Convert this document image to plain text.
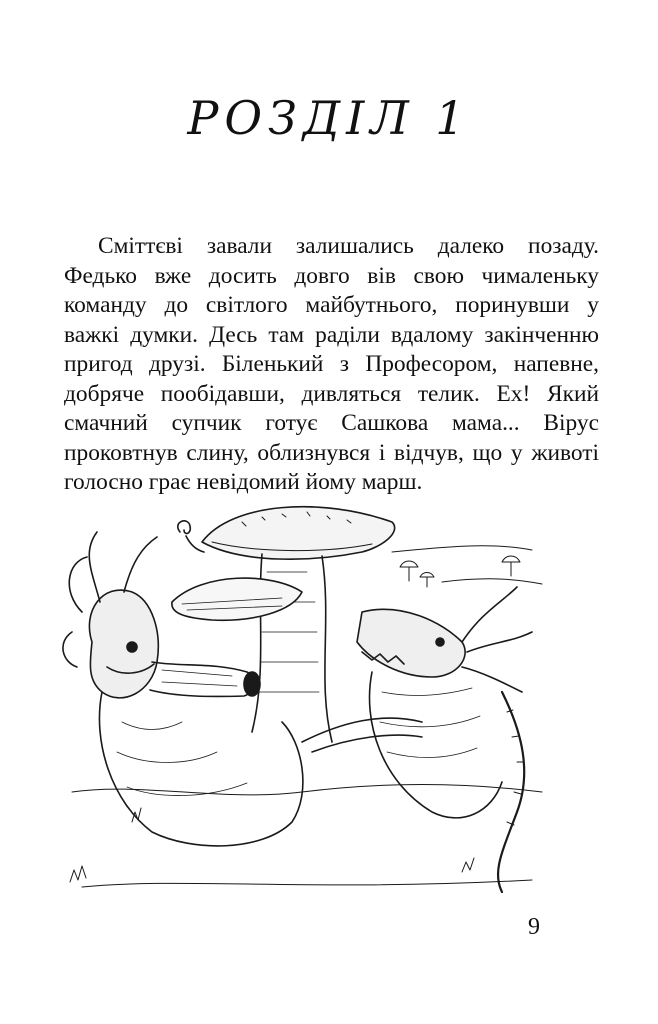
РОЗДІЛ 1

Сміттєві завали залишались далеко позаду. Федько вже досить довго вів свою чималеньку команду до світлого майбутнього, поринувши у важкі думки. Десь там раділи вдалому закінченню пригод друзі. Біленький з Професором, напевне, добряче пообідавши, дивляться телик. Ех! Який смачний супчик готує Сашкова мама... Вірус проковтнув слину, облизнувся і відчув, що у животі голосно грає невідомий йому марш.

9
